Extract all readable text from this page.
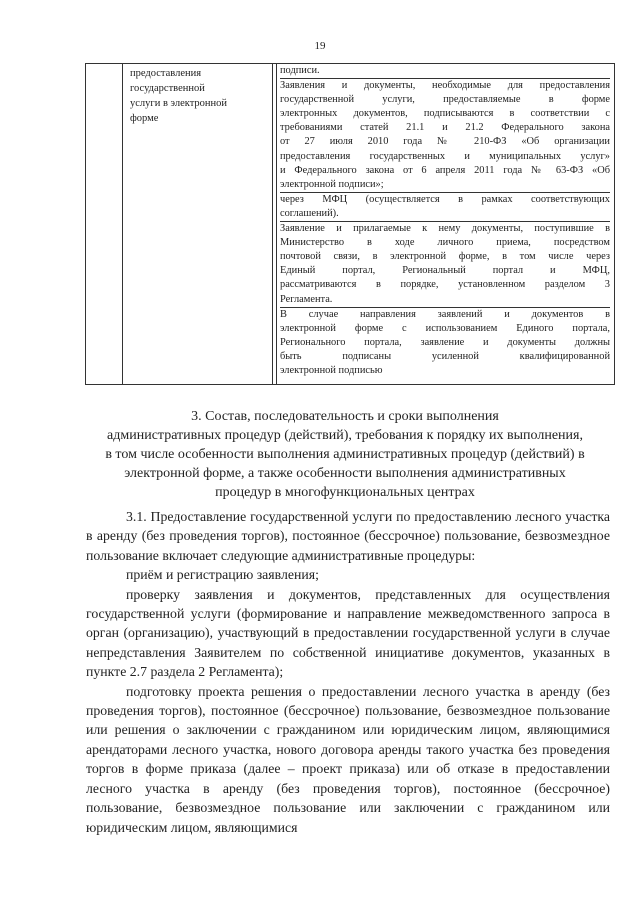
19
предоставления
государственной
услуги в электронной
форме
подписи.
Заявления и документы, необходимые для предоставления
государственной услуги, предоставляемые в форме
электронных документов, подписываются в соответствии с
требованиями статей 21.1 и 21.2 Федерального закона
от 27 июля 2010 года № 210-ФЗ «Об организации
предоставления государственных и муниципальных услуг»
и Федерального закона от 6 апреля 2011 года № 63-ФЗ «Об
электронной подписи»;
через МФЦ (осуществляется в рамках соответствующих
соглашений).
Заявление и прилагаемые к нему документы, поступившие в
Министерство в ходе личного приема, посредством
почтовой связи, в электронной форме, в том числе через
Единый портал, Региональный портал и МФЦ,
рассматриваются в порядке, установленном разделом 3
Регламента.
В случае направления заявлений и документов в
электронной форме с использованием Единого портала,
Регионального портала, заявление и документы должны
быть подписаны усиленной квалифицированной
электронной подписью
3. Состав, последовательность и сроки выполнения
административных процедур (действий), требования к порядку их выполнения,
в том числе особенности выполнения административных процедур (действий) в
электронной форме, а также особенности выполнения административных
процедур в многофункциональных центрах

3.1. Предоставление государственной услуги по предоставлению лесного участка в аренду (без проведения торгов), постоянное (бессрочное) пользование, безвозмездное пользование включает следующие административные процедуры:

приём и регистрацию заявления;

проверку заявления и документов, представленных для осуществления государственной услуги (формирование и направление межведомственного запроса в орган (организацию), участвующий в предоставлении государственной услуги в случае непредставления Заявителем по собственной инициативе документов, указанных в пункте 2.7 раздела 2 Регламента);

подготовку проекта решения о предоставлении лесного участка в аренду (без проведения торгов), постоянное (бессрочное) пользование, безвозмездное пользование или решения о заключении с гражданином или юридическим лицом, являющимися арендаторами лесного участка, нового договора аренды такого участка без проведения торгов в форме приказа (далее – проект приказа) или об отказе в предоставлении лесного участка в аренду (без проведения торгов), постоянное (бессрочное) пользование, безвозмездное пользование или заключении с гражданином или юридическим лицом, являющимися
